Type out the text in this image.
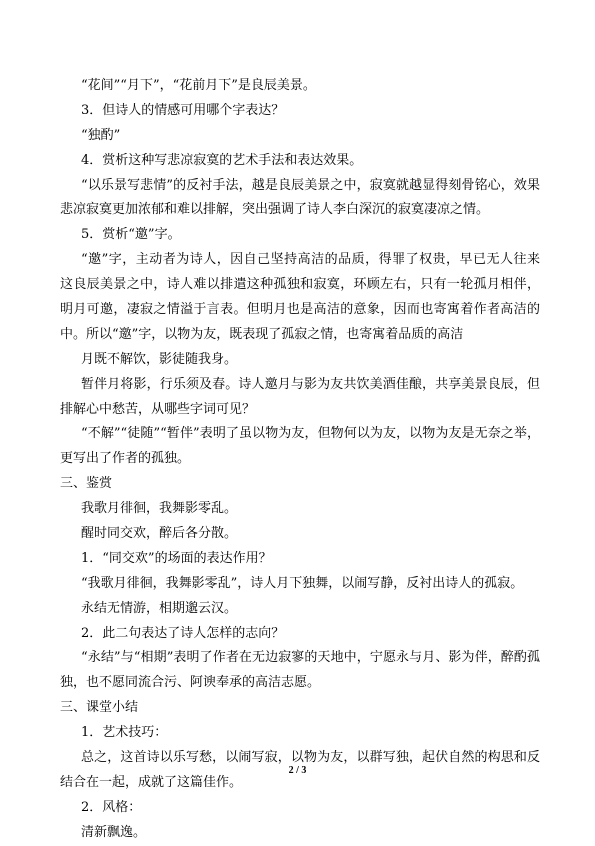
“花间”“月下”，“花前月下”是良辰美景。
3．但诗人的情感可用哪个字表达？
“独酌”
4．赏析这种写悲凉寂寞的艺术手法和表达效果。
“以乐景写悲情”的反衬手法，越是良辰美景之中，寂寞就越显得刻骨铭心，效果
悲凉寂寞更加浓郁和难以排解，突出强调了诗人李白深沉的寂寞凄凉之情。
5．赏析“邀”字。
“邀”字，主动者为诗人，因自己坚持高洁的品质，得罪了权贵，早已无人往来
这良辰美景之中，诗人难以排遣这种孤独和寂寞，环顾左右，只有一轮孤月相伴，
明月可邀，凄寂之情溢于言表。但明月也是高洁的意象，因而也寄寓着作者高洁的
中。所以“邀”字，以物为友，既表现了孤寂之情，也寄寓着品质的高洁
月既不解饮，影徒随我身。
暂伴月将影，行乐须及春。诗人邀月与影为友共饮美酒佳酿，共享美景良辰，但
排解心中愁苦，从哪些字词可见？
“不解”“徒随”“暂伴”表明了虽以物为友，但物何以为友，以物为友是无奈之举，
更写出了作者的孤独。
三、鉴赏
我歌月徘徊，我舞影零乱。
醒时同交欢，醉后各分散。
1．“同交欢”的场面的表达作用？
“我歌月徘徊，我舞影零乱”，诗人月下独舞，以闹写静，反衬出诗人的孤寂。
永结无情游，相期邈云汉。
2．此二句表达了诗人怎样的志向？
“永结”与“相期”表明了作者在无边寂寥的天地中，宁愿永与月、影为伴，醉酌孤
独，也不愿同流合污、阿谀奉承的高洁志愿。
三、课堂小结
1．艺术技巧：
总之，这首诗以乐写愁，以闹写寂，以物为友，以群写独，起伏自然的构思和反
结合在一起，成就了这篇佳作。
2．风格：
清新飘逸。
2 / 3
